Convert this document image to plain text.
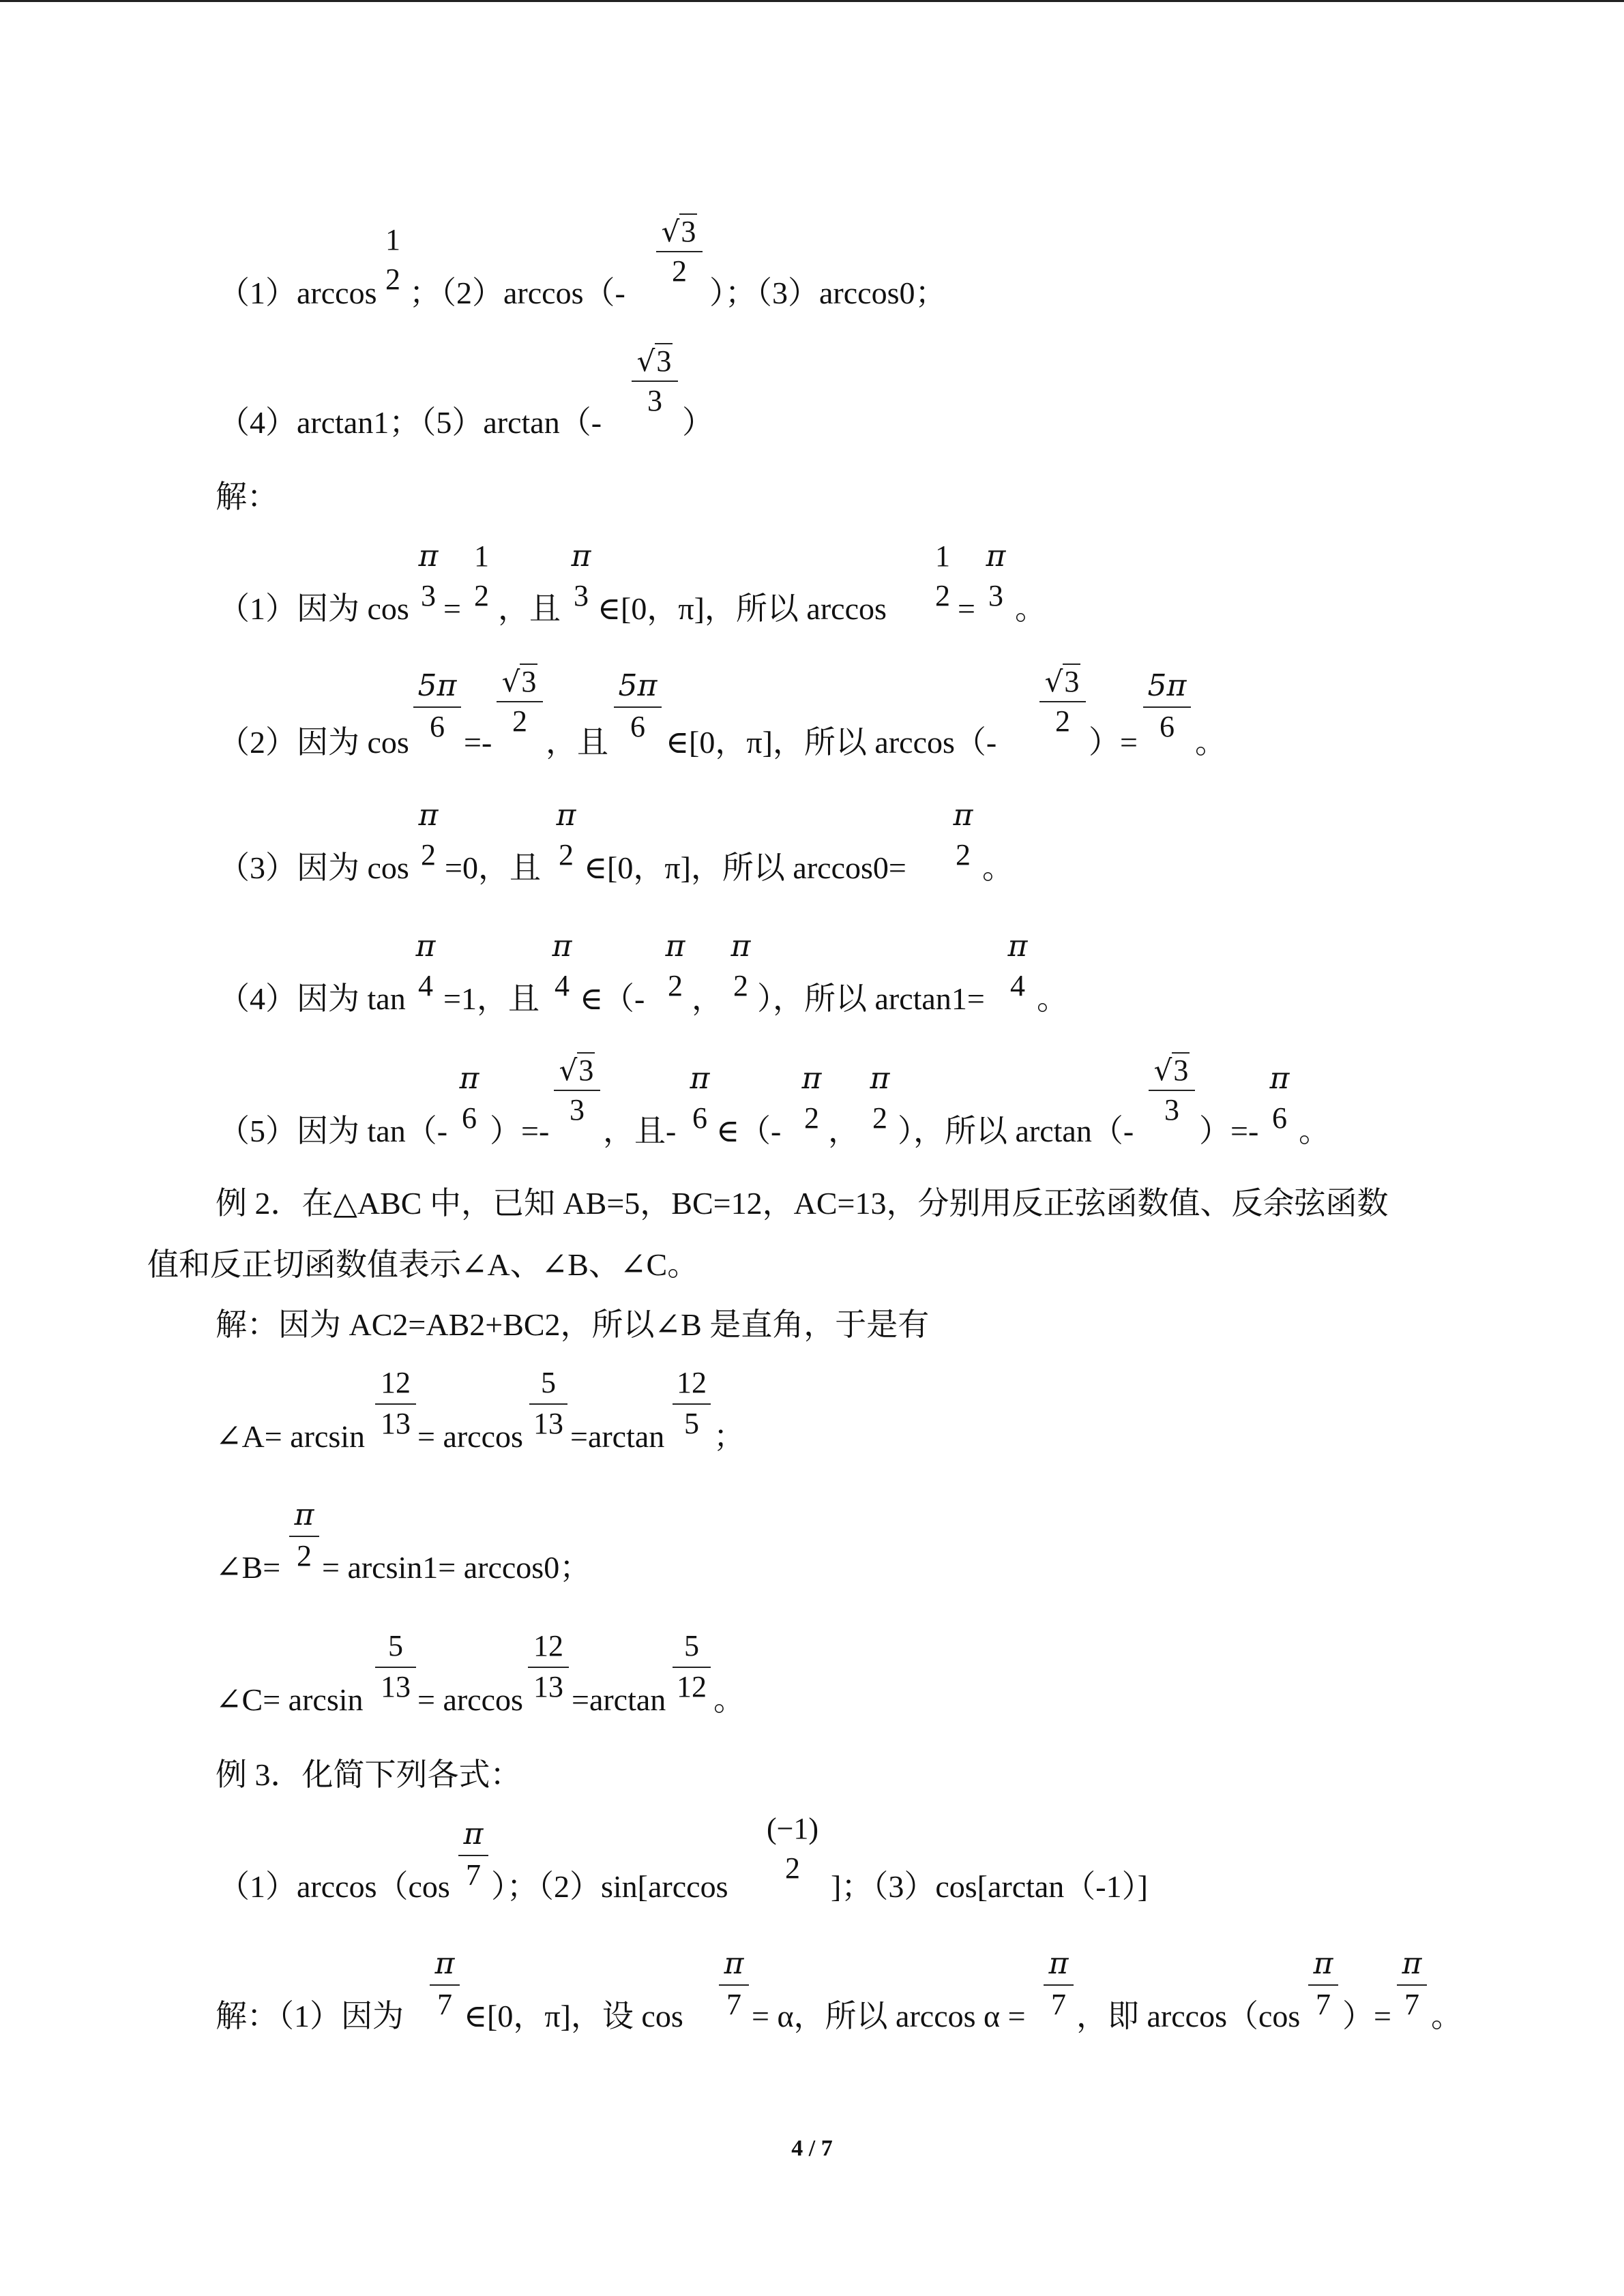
（1）arccos
1
2 ；（2）arccos（-
$\frac{√3}{2}$
）；（3）arccos0；
（4）arctan1；（5）arctan（-
$\frac{√3}{3}$
）
解：
（1）因为 cos
π
3 =
1
2 ，且
π
3 ∈[0，π]，所以 arccos
1
2 =
π
3 。
（2）因为 cos
$\frac{5\pi}{6}$
=-
$\frac{√3}{2}$
，且
$\frac{5\pi}{6}$
∈[0，π]，所以 arccos（-
$\frac{√3}{2}$
）=
$\frac{5\pi}{6}$
。
（3）因为 cos
π
2 =0，且
π
2 ∈[0，π]，所以 arccos0=
π
2 。
（4）因为 tan
π
4 =1，且
π
4 ∈（-
π
2 ，
π
2 ），所以 arctan1=
π
4 。
（5）因为 tan（-
π
6 ）=-
$\frac{√3}{3}$
，且-
π
6 ∈（-
π
2 ，
π
2 ），所以 arctan（-
$\frac{√3}{3}$
）=-
π
6 。
例 2．在△ABC 中，已知 AB=5，BC=12，AC=13，分别用反正弦函数值、反余弦函数
值和反正切函数值表示∠A、∠B、∠C。
解：因为 AC2=AB2+BC2，所以∠B 是直角，于是有
∠A= $\arcsin \frac{12}{13} = \arccos \frac{5}{13} =\arctan \frac{12}{5}$ ；
∠B= $\frac{\pi}{2} = \arcsin 1= \arccos 0$；
∠C= $\arcsin \frac{5}{13} = \arccos \frac{12}{13} =\arctan \frac{5}{12}$ 。
例 3．化简下列各式：
$(1)\arccos(\cos \frac{\pi}{7}$ ）；（2）sin[arccos
(−1)
2
]；（3）cos[arctan（-1）]
解：（1）因为 $\frac{\pi}{7}$ ∈[0，π]，设 $\cos \frac{\pi}{7} = \alpha$，所以 $\arccos \alpha = \frac{\pi}{7}$ ，即 $\arccos(\cos \frac{\pi}{7}$ ）= $\frac{\pi}{7}$ 。
4 / 7
